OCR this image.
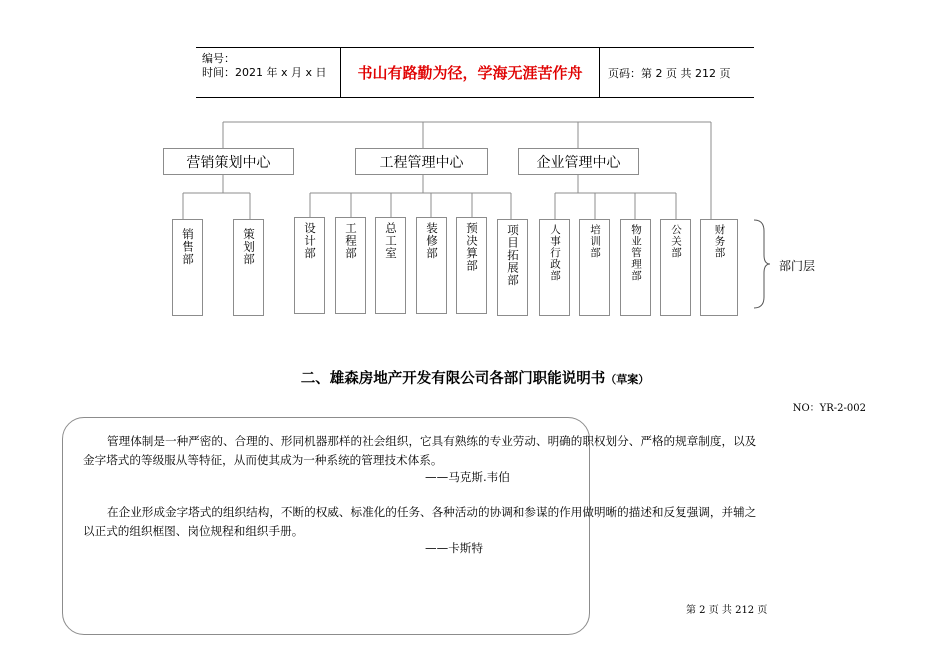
编号：
时间：2021 年 x 月 x 日	书山有路勤为径，学海无涯苦作舟	页码：第 2 页 共 212 页
营销策划中心	工程管理中心	企业管理中心
销售部	策划部	设计部 工程部 总工室 装修部 预决算部 项目拓展部	人事行政部	培训部	物业管理部	公关部	财务部
部门层
二、雄森房地产开发有限公司各部门职能说明书（草案）
NO：YR-2-002
管理体制是一种严密的、合理的、形同机器那样的社会组织，它具有熟练的专业劳动、明确的职权划分、严格的规章制度，以及
金字塔式的等级服从等特征，从而使其成为一种系统的管理技术体系。
——马克斯.韦伯
在企业形成金字塔式的组织结构，不断的权威、标准化的任务、各种活动的协调和参谋的作用做明晰的描述和反复强调，并辅之
以正式的组织框图、岗位规程和组织手册。
——卡斯特
第 2 页 共 212 页
